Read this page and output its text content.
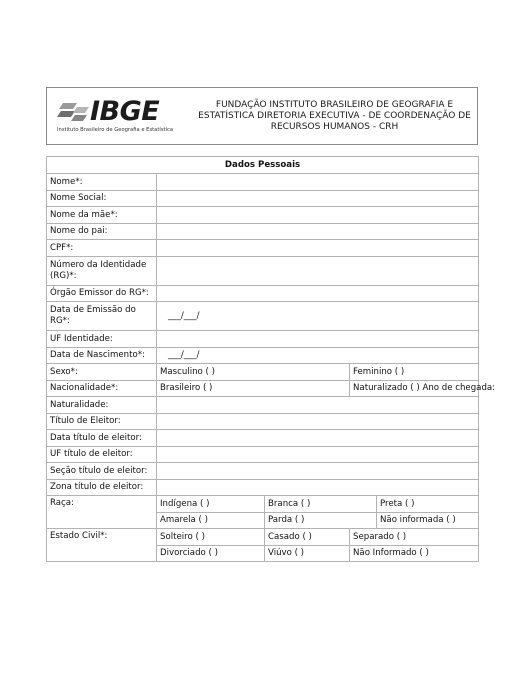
IBGE
Instituto Brasileiro de Geografia e Estatística
FUNDAÇÃO INSTITUTO BRASILEIRO DE GEOGRAFIA E ESTATÍSTICA DIRETORIA EXECUTIVA - DE COORDENAÇÃO DE RECURSOS HUMANOS - CRH
Dados Pessoais				
Nome*:				
Nome Social:				
Nome da mãe*:				
Nome do pai:				
CPF*:				
Número da Identidade (RG)*:				
Órgão Emissor do RG*:				
Data de Emissão do RG*:	___/___/			
UF Identidade:				
Data de Nascimento*:	___/___/			
Sexo*:	Masculino ( )		Feminino ( )	
Nacionalidade*:	Brasileiro ( )		Naturalizado ( ) Ano de chegada:	
Naturalidade:				
Título de Eleitor:				
Data título de eleitor:				
UF título de eleitor:				
Seção título de eleitor:				
Zona título de eleitor:				
Raça:	Indígena ( )	Branca ( )		Preta ( )
	Amarela ( )	Parda ( )		Não informada ( )
Estado Civil*:	Solteiro ( )	Casado ( )	Separado ( )	
	Divorciado ( )	Viúvo ( )	Não Informado ( )	
